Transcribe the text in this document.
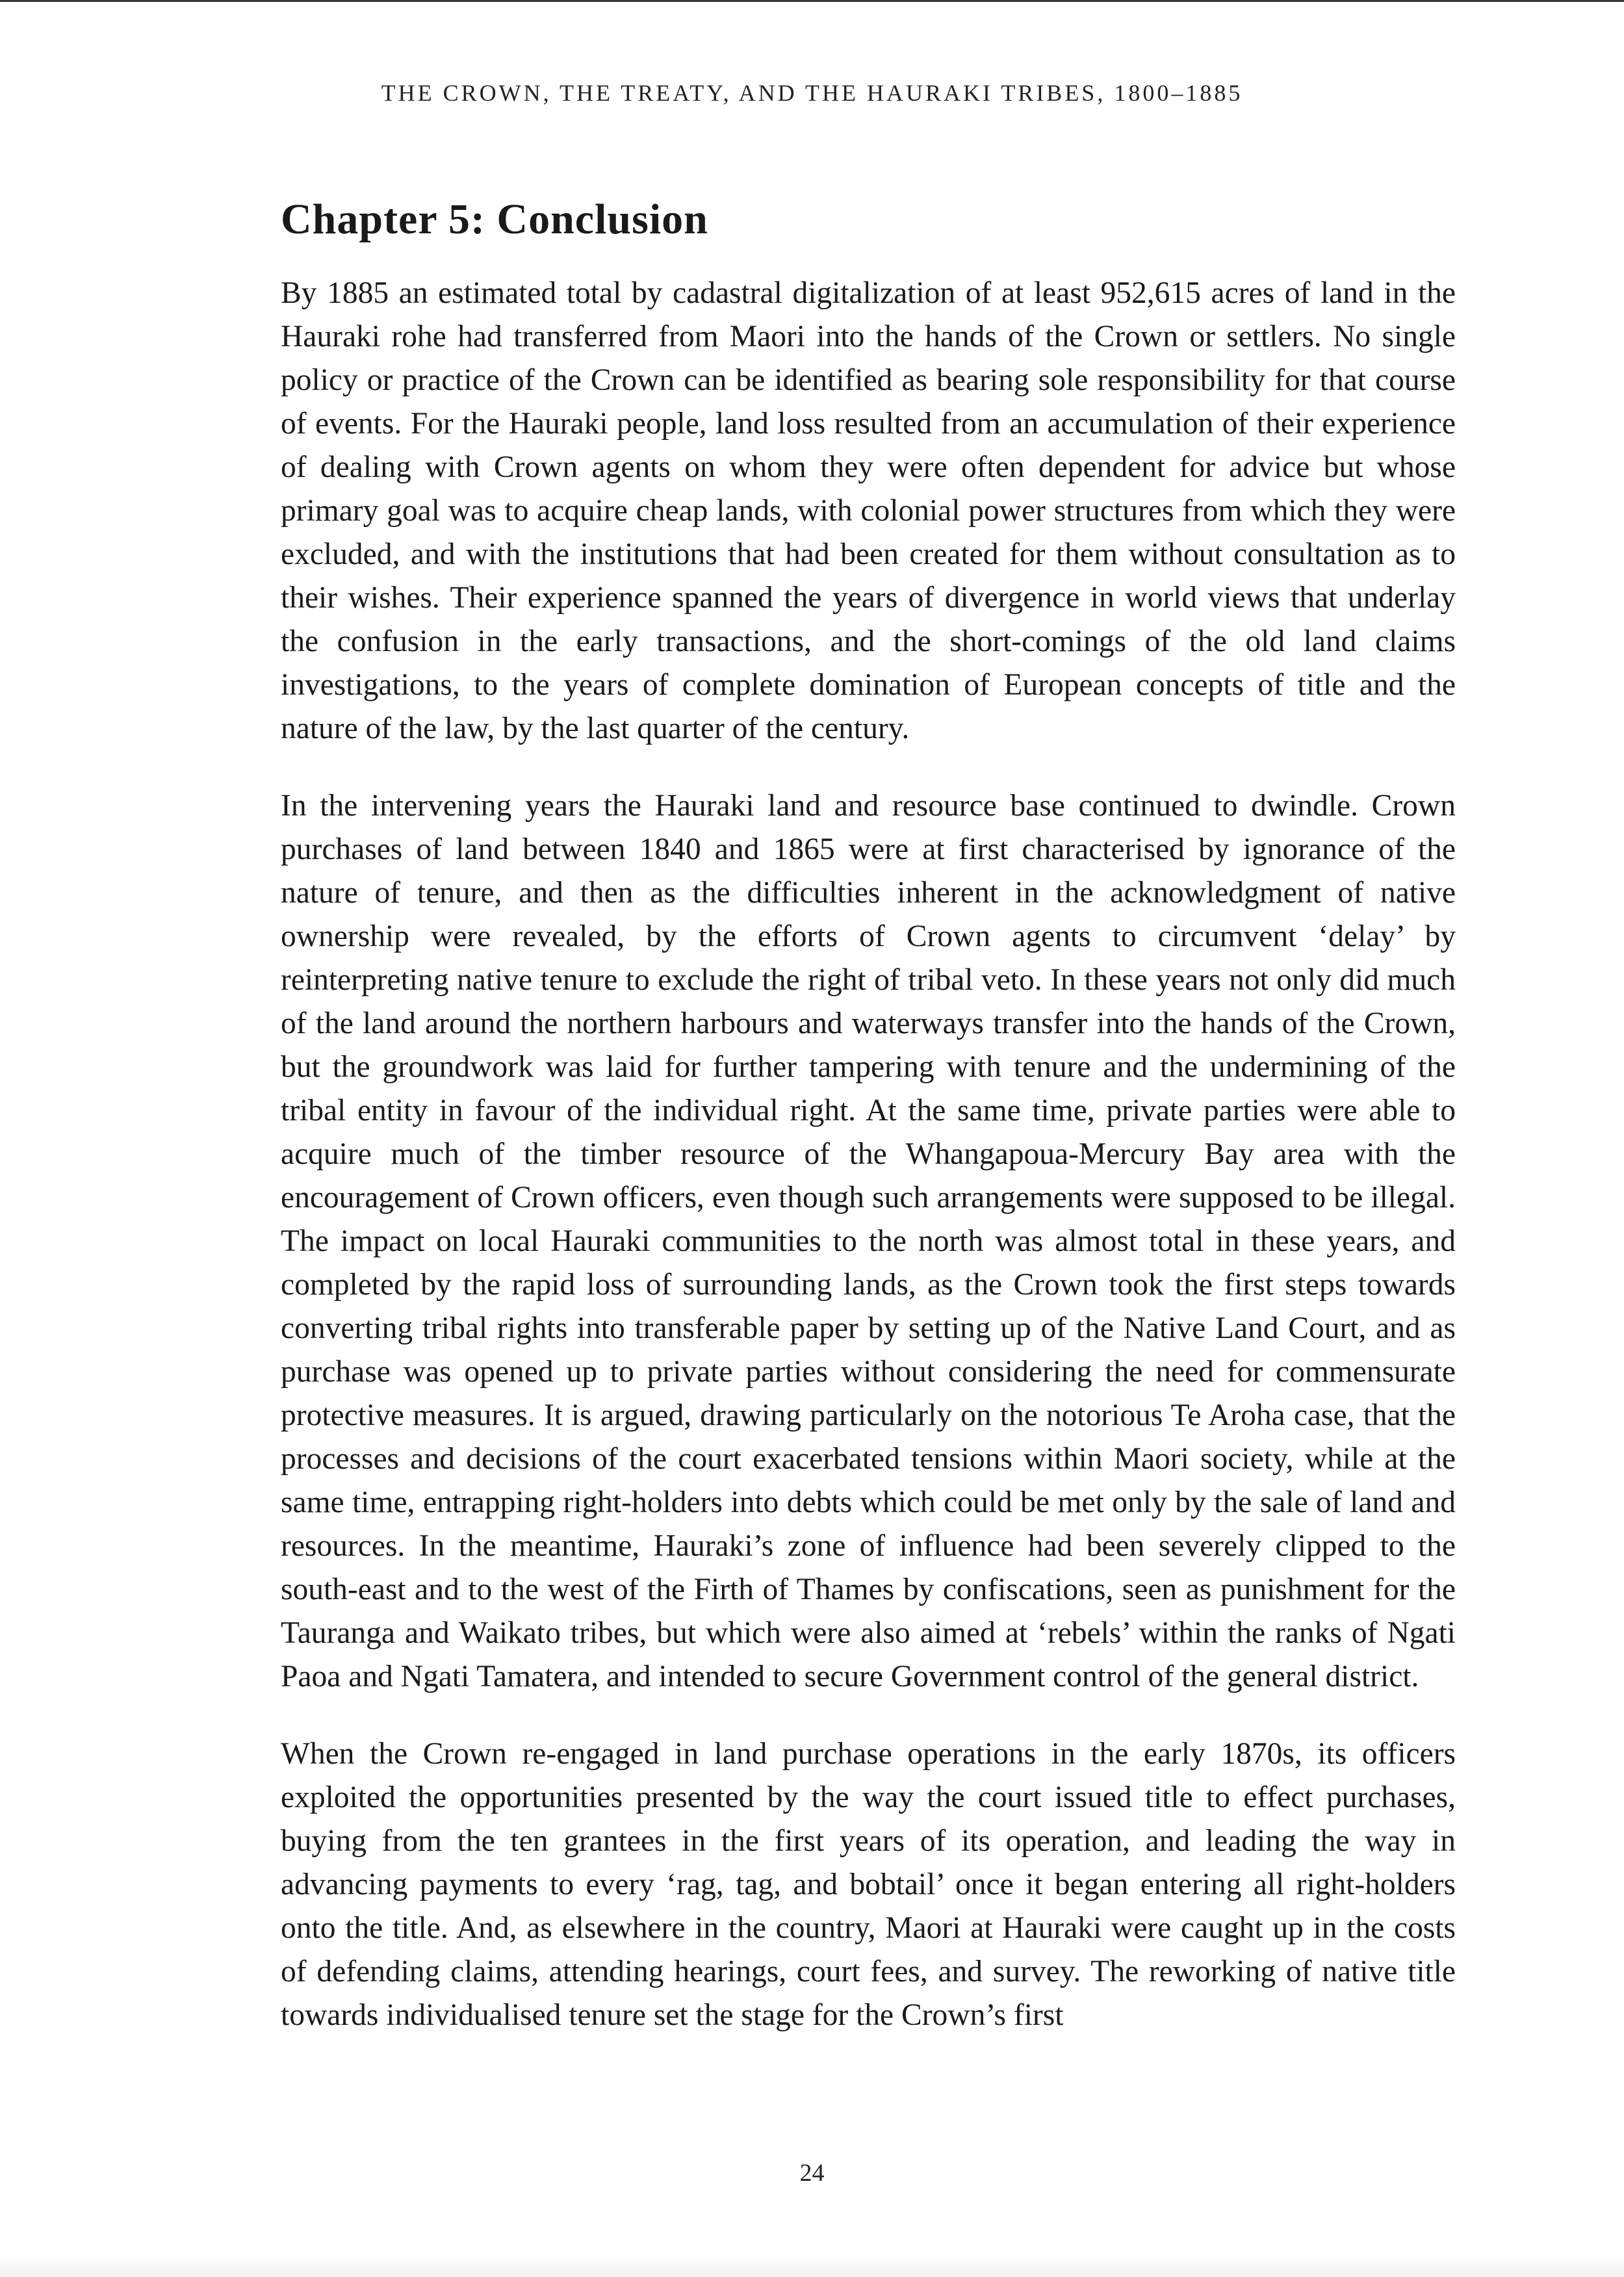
THE CROWN, THE TREATY, AND THE HAURAKI TRIBES, 1800–1885
Chapter 5: Conclusion

By 1885 an estimated total by cadastral digitalization of at least 952,615 acres of land in the Hauraki rohe had transferred from Maori into the hands of the Crown or settlers. No single policy or practice of the Crown can be identified as bearing sole responsibility for that course of events. For the Hauraki people, land loss resulted from an accumulation of their experience of dealing with Crown agents on whom they were often dependent for advice but whose primary goal was to acquire cheap lands, with colonial power structures from which they were excluded, and with the institutions that had been created for them without consultation as to their wishes. Their experience spanned the years of divergence in world views that underlay the confusion in the early transactions, and the short-comings of the old land claims investigations, to the years of complete domination of European concepts of title and the nature of the law, by the last quarter of the century.

In the intervening years the Hauraki land and resource base continued to dwindle. Crown purchases of land between 1840 and 1865 were at first characterised by ignorance of the nature of tenure, and then as the difficulties inherent in the acknowledgment of native ownership were revealed, by the efforts of Crown agents to circumvent ‘delay’ by reinterpreting native tenure to exclude the right of tribal veto. In these years not only did much of the land around the northern harbours and waterways transfer into the hands of the Crown, but the groundwork was laid for further tampering with tenure and the undermining of the tribal entity in favour of the individual right. At the same time, private parties were able to acquire much of the timber resource of the Whangapoua-Mercury Bay area with the encouragement of Crown officers, even though such arrangements were supposed to be illegal. The impact on local Hauraki communities to the north was almost total in these years, and completed by the rapid loss of surrounding lands, as the Crown took the first steps towards converting tribal rights into transferable paper by setting up of the Native Land Court, and as purchase was opened up to private parties without considering the need for commensurate protective measures. It is argued, drawing particularly on the notorious Te Aroha case, that the processes and decisions of the court exacerbated tensions within Maori society, while at the same time, entrapping right-holders into debts which could be met only by the sale of land and resources. In the meantime, Hauraki’s zone of influence had been severely clipped to the south-east and to the west of the Firth of Thames by confiscations, seen as punishment for the Tauranga and Waikato tribes, but which were also aimed at ‘rebels’ within the ranks of Ngati Paoa and Ngati Tamatera, and intended to secure Government control of the general district.

When the Crown re-engaged in land purchase operations in the early 1870s, its officers exploited the opportunities presented by the way the court issued title to effect purchases, buying from the ten grantees in the first years of its operation, and leading the way in advancing payments to every ‘rag, tag, and bobtail’ once it began entering all right-holders onto the title. And, as elsewhere in the country, Maori at Hauraki were caught up in the costs of defending claims, attending hearings, court fees, and survey. The reworking of native title towards individualised tenure set the stage for the Crown’s first

24
